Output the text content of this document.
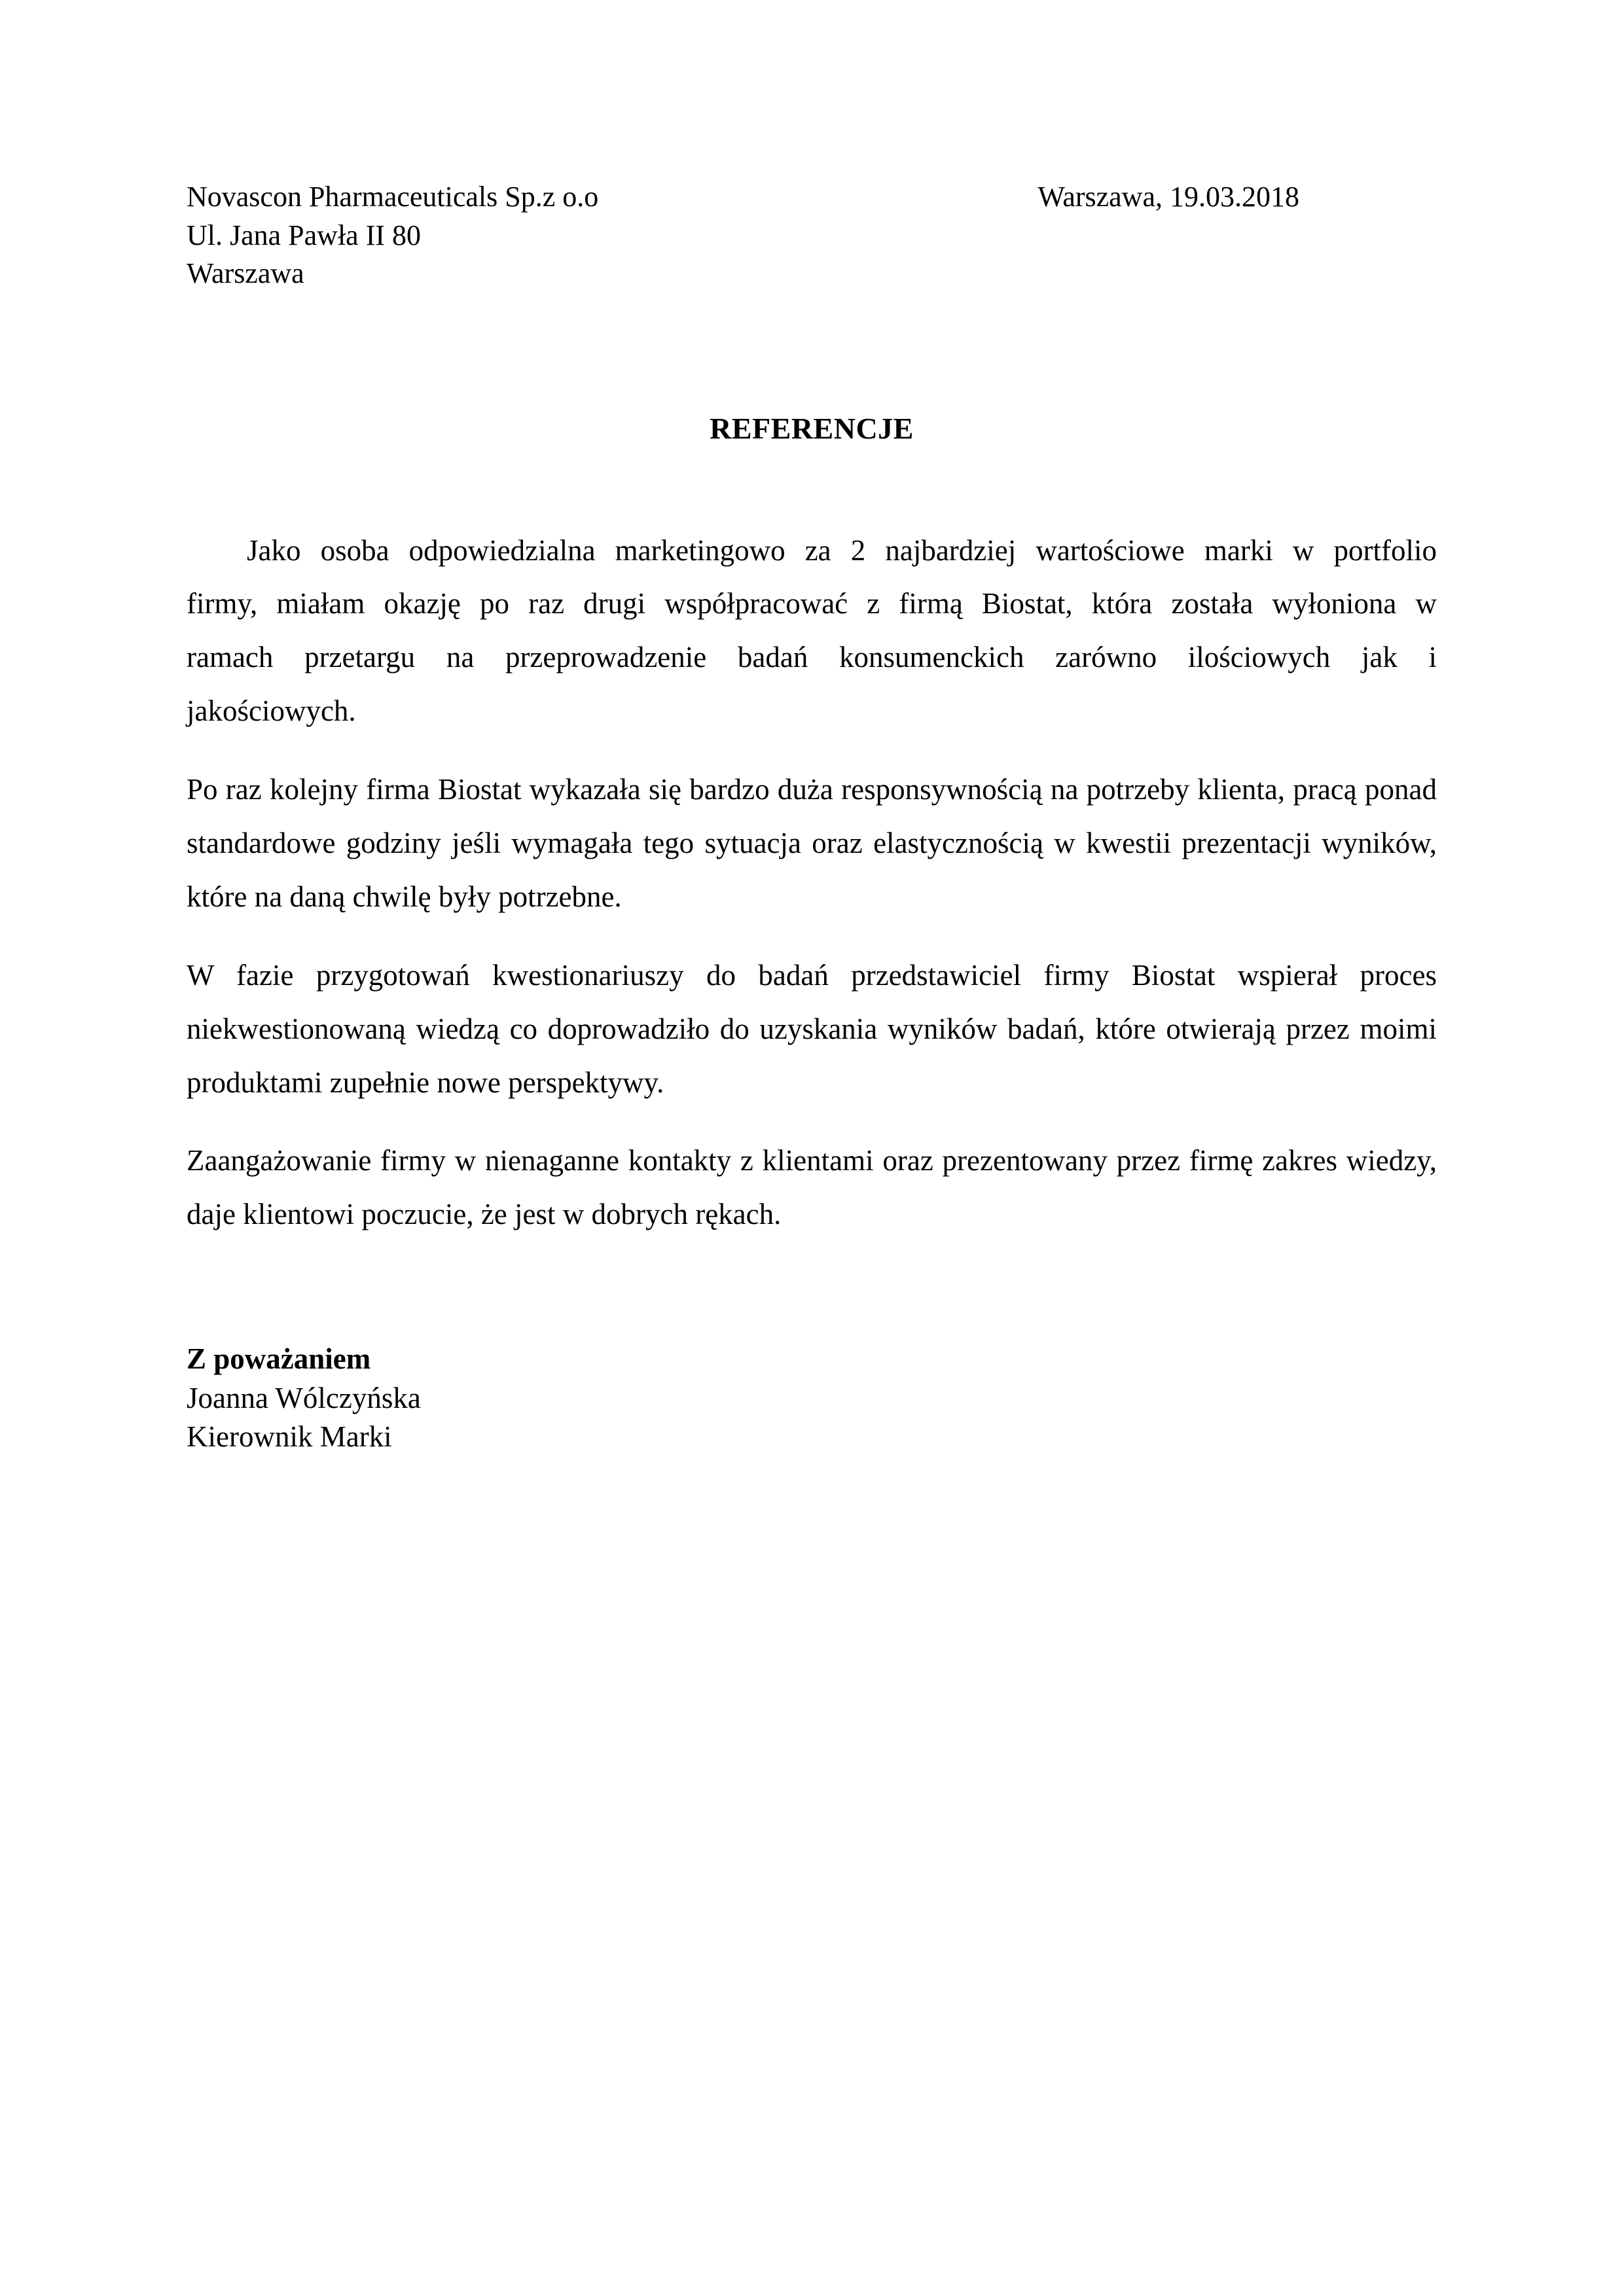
Novascon Pharmaceuticals Sp.z o.o
Ul. Jana Pawła II 80
Warszawa
Warszawa, 19.03.2018
REFERENCJE

Jako osoba odpowiedzialna marketingowo za 2 najbardziej wartościowe marki w portfolio firmy, miałam okazję po raz drugi współpracować z firmą Biostat, która została wyłoniona w ramach przetargu na przeprowadzenie badań konsumenckich zarówno ilościowych jak i jakościowych.

Po raz kolejny firma Biostat wykazała się bardzo duża responsywnością na potrzeby klienta, pracą ponad standardowe godziny jeśli wymagała tego sytuacja oraz elastycznością w kwestii prezentacji wyników, które na daną chwilę były potrzebne.

W fazie przygotowań kwestionariuszy do badań przedstawiciel firmy Biostat wspierał proces niekwestionowaną wiedzą co doprowadziło do uzyskania wyników badań, które otwierają przez moimi produktami zupełnie nowe perspektywy.

Zaangażowanie firmy w nienaganne kontakty z klientami oraz prezentowany przez firmę zakres wiedzy, daje klientowi poczucie, że jest w dobrych rękach.

Z poważaniem
Joanna Wólczyńska
Kierownik Marki
